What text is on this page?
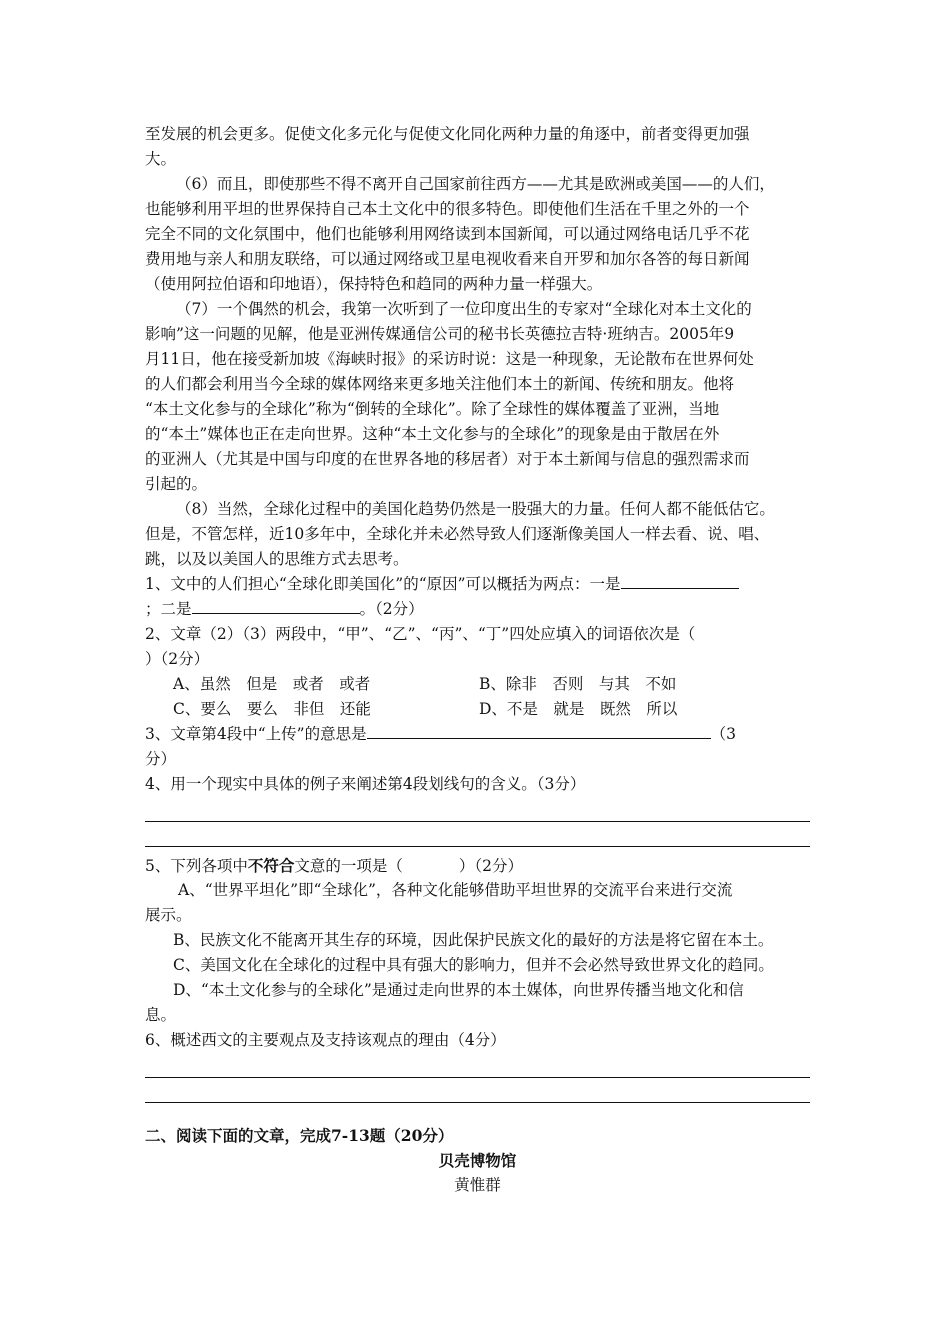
至发展的机会更多。促使文化多元化与促使文化同化两种力量的角逐中，前者变得更加强
大。
（6）而且，即使那些不得不离开自己国家前往西方——尤其是欧洲或美国——的人们，
也能够利用平坦的世界保持自己本土文化中的很多特色。即使他们生活在千里之外的一个
完全不同的文化氛围中，他们也能够利用网络读到本国新闻，可以通过网络电话几乎不花
费用地与亲人和朋友联络，可以通过网络或卫星电视收看来自开罗和加尔各答的每日新闻
（使用阿拉伯语和印地语），保持特色和趋同的两种力量一样强大。
（7）一个偶然的机会，我第一次听到了一位印度出生的专家对“全球化对本土文化的
影响”这一问题的见解，他是亚洲传媒通信公司的秘书长英德拉吉特·班纳吉。2005年9
月11日，他在接受新加坡《海峡时报》的采访时说：这是一种现象，无论散布在世界何处
的人们都会利用当今全球的媒体网络来更多地关注他们本土的新闻、传统和朋友。他将
“本土文化参与的全球化”称为“倒转的全球化”。除了全球性的媒体覆盖了亚洲，当地
的“本土”媒体也正在走向世界。这种“本土文化参与的全球化”的现象是由于散居在外
的亚洲人（尤其是中国与印度的在世界各地的移居者）对于本土新闻与信息的强烈需求而
引起的。
（8）当然，全球化过程中的美国化趋势仍然是一股强大的力量。任何人都不能低估它。
但是，不管怎样，近10多年中，全球化并未必然导致人们逐渐像美国人一样去看、说、唱、
跳，以及以美国人的思维方式去思考。
1、文中的人们担心“全球化即美国化”的“原因”可以概括为两点：一是
；二是	。（2分）
2、文章（2）（3）两段中，“甲”、“乙”、“丙”、“丁”四处应填入的词语依次是（
）（2分）
A、虽然　但是　或者　或者	B、除非　否则　与其　不如
C、要么　要么　非但　还能	D、不是　就是　既然　所以
3、文章第4段中“上传”的意思是	（3
分）
4、用一个现实中具体的例子来阐述第4段划线句的含义。（3分）
5、下列各项中不符合文意的一项是（	）（2分）
A、“世界平坦化”即“全球化”，各种文化能够借助平坦世界的交流平台来进行交流
展示。
B、民族文化不能离开其生存的环境，因此保护民族文化的最好的方法是将它留在本土。
C、美国文化在全球化的过程中具有强大的影响力，但并不会必然导致世界文化的趋同。
D、“本土文化参与的全球化”是通过走向世界的本土媒体，向世界传播当地文化和信
息。
6、概述西文的主要观点及支持该观点的理由（4分）
二、阅读下面的文章，完成7-13题（20分）
贝壳博物馆
黄惟群
